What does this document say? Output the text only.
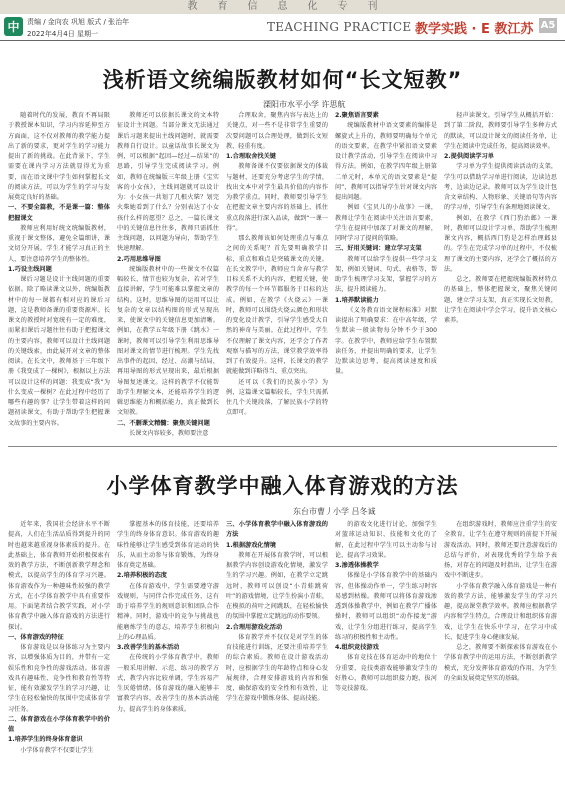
教 育 信 息 化 专 刊
中	责编 / 金向农 巩旭 版式 / 张治年
2022年4月4日 星期一	TEACHING PRACTICE 教学实践 · E 教江苏 A5
浅析语文统编版教材如何“长文短教”
溧阳市水平小学 许思航

随着时代的发展，教育不再局限于教授课本知识，学习内容延伸至方方面面，这不仅对教师的教学能力提出了新的要求，更对学生的学习能力提出了新的挑战。在此背景下，学生需要在课内学习方法就显得尤为重要，而在语文课中学生如何掌握长文的阅读方法，可以为学生的学习与发展奠定良好的基础。

一、不要全篇教，不是课一篇：整体把握课文

教师应利用好统文统编版教材，重视于课文整体，避免全篇细讲，课文切分开展。学生才能学习真正的主人，要注意培养学生的整体性。

1.巧设主线问题

课后习题是设计主线问题的重要依据。除了略读课文以外，统编版教材中的每一课都有相对应的课后习题，这是教师备课的重要资源库。长课文的教授时对宽统有一定的难度，而紧扣课后习题往往有助于把握课文的主要内容，教师可以设计主线问题的关键线索，由此展开对文章的整体阅读。在长文中，教师基于三年级下册《我变成了一棵树》，根据以上方法可以设计这样的问题：我变成“我”为什么变成一棵树？在此过程中经历了哪些有趣的事？让学生带着这样的问题初读课文，有助于帮助学生把握课文故事的主要内容。

教师还可以依据长课文的文本特征设计主问题。当部分课文无法通过课后习题来提出主线问题时，就需要教师自行设计。以童话故事长课文为例，可以根据“起因—经过—结果”的思路，引导学生完成阅读学习。例如，教师在统编版三年级上册《宝实客的小女孩》，主线问题就可以设计为：小女孩一共划了几根火柴？划完火柴她看到了什么？分别表达了小女孩什么样的愿望？总之，一篇长课文中的关键信息往往多，教师只需抓住主线问题，以问题为导向，帮助学生快速理解。

2.巧用思维导图

统编版教材中的一些课文不仅篇幅较长，情节也较为复杂，若对学生直接讲解，学生可能难以掌握文章的结构。这时，思维导图的运用可以让复杂的文章以结构图的形式呈现出来，使课文中的关键信息更加清晰。例如，在教学五年级下册《跳水》一课时，教师可以引导学生利用思维导图对课文的情节进行梳理。学生先找出事件的起因、经过、高潮与结局，再用导图的形式呈现出来，最后根据导图复述课文。这样的教学不仅能帮助学生理解文本，还能培养学生的逻辑思维能力和概括能力，真正做到长文短教。

二、不删课文精髓：聚焦关键问题

长课文内容较多，教师要注意

合理取舍，聚焦内容与表达上的关键点，对一些不是非常学生重要的次要问题可以合理处理，做到长文短教、轻重有度。

1.合理取舍找关键

教师备课不仅要依据课文的体裁与题材，还要充分考虑学生的学情，找出文本中对学生最具价值的内容作为教学重点。同时，教师要引导学生在把握文章主要内容的基础上，抓住重点段落进行深入品读，做到“一课一得”。

那么教师该如何处理重点与难点之间的关系呢？首先要明确教学目标，重点和难点是突破课文的关键。在长文教学中，教师应当舍弃与教学目标关系不大的内容，把握关键，使教学的每一个环节都服务于目标的达成。例如，在教学《火烧云》一课时，教师可以围绕火烧云颜色和形状的变化设计教学，引导学生感受大自然的神奇与美丽。在此过程中，学生不仅理解了课文内容，还学会了作者观察与描写的方法，课堂教学效率得到了有效提升。这样，长课文的教学就能做到详略得当、重点突出。

还可以《我们的民族小学》为例，这篇课文篇幅较长，学生只需抓住几个关键段落，了解民族小学的特点即可。

2.聚焦语言要素

统编版教材中语文要素的编排是螺旋式上升的，教师要明确每个单元的语文要素，在教学中紧扣语文要素设计教学活动，引导学生在阅读中习得方法。例如，在教学四年级上册第二单元时，本单元的语文要素是“提问”，教师可以指导学生针对课文内容提出问题。

例如《宝贝儿的小故事》一课，教师让学生在阅读中关注语言要素，学生在提问中加深了对课文的理解，同时学习了提问的策略。

三、好用关键词：建立学习支架

教师可以给学生提供一些学习支架，例如关键词、句式、表格等，帮助学生梳理学习支架，掌握学习的方法，提升阅读能力。

1.培养默读能力

《义务教育语文课程标准》对默读提出了明确要求：在中高年级，学生默读一般读物每分钟不少于300字。在教学中，教师应给学生布置默读任务，并提出明确的要求，让学生边默读边思考，提高阅读速度和质量。

轻声读课文。引导学生从概括开始：到了第二阶段，教师要引导学生多种方式的默读，可以设计课文的阅读任务单，让学生在阅读中完成任务，提高阅读效率。

2.提供阅读学习单

学习单为学生提供阅读活动的支架，学生可以借助学习单进行阅读，边读边思考，边读边记录。教师可以为学生设计包含文章结构、人物形象、关键语句等内容的学习单，引导学生有条理地阅读课文。

例如，在教学《西门豹治邺》一课时，教师可以设计学习单，帮助学生梳理课文内容，概括西门豹是怎样治理邺县的。学生在完成学习单的过程中，不仅梳理了课文的主要内容，还学会了概括的方法。

总之，教师要在把握统编版教材特点的基础上，整体把握课文，聚焦关键问题，建立学习支架，真正实现长文短教，让学生在阅读中学会学习，提升语文核心素养。

小学体育教学中融入体育游戏的方法
东台市曹丿小学 吕冬诚

近年来，我国社会经济水平不断提高，人们在生活品质得到提升的同时也越来越重视身体素质的提升。在此基础上，体育教师开始积极探索有效的教学方法，不断创新教学理念和模式，以提高学生的体育学习兴趣。体育游戏作为一种趣味性较强的教学方式，在小学体育教学中具有重要作用。下面笔者结合教学实践，对小学体育教学中融入体育游戏的方法进行探讨。

一、体育游戏的特征

体育游戏是以身体练习为主要内容，以增强体质为目的，并带有一定娱乐性和竞争性的游戏活动。体育游戏具有趣味性、竞争性和教育性等特征，能有效激发学生的学习兴趣，让学生在轻松愉快的氛围中完成体育学习任务。

二、体育游戏在小学体育教学中的价值
1.培养学生的终身体育意识

小学体育教学不仅要让学生

掌握基本的体育技能，还要培养学生的终身体育意识。体育游戏的趣味性能够让学生感受到体育运动的快乐，从而主动参与体育锻炼，为终身体育奠定基础。

2.培养积极的态度

在体育游戏中，学生需要遵守游戏规则，与同伴合作完成任务，这有助于培养学生的规则意识和团队合作精神。同时，游戏中的竞争与挑战也能磨炼学生的意志，培养学生积极向上的心理品质。

3.改善学生的基本活动

在传统的小学体育教学中，教师一般采用讲解、示范、练习的教学方式，教学内容比较单调，学生容易产生厌倦情绪。体育游戏的融入能够丰富教学内容，改善学生的基本活动能力，提高学生的身体素质。

三、小学体育教学中融入体育游戏的方法
1.根据游戏化情境

教师在开展体育教学时，可以根据教学内容创设游戏化情境，激发学生的学习兴趣。例如，在教学立定跳远时，教师可以创设“小青蛙跳荷叶”的游戏情境，让学生扮演小青蛙，在模拟的荷叶之间跳跃，在轻松愉快的氛围中掌握立定跳远的动作要领。

2.合理用游戏化活动

体育教学并不仅仅是对学生的体育技能进行训练，还要注重培养学生的综合素质。教师在设计游戏活动时，应根据学生的年龄特点和身心发展规律，合理安排游戏的内容和强度，确保游戏的安全性和有效性，让学生在游戏中锻炼身体、提高技能。

的游戏文化进行讨论，加强学生对篮球运动知识、技能和文化的了解，在此过程中学生可以主动参与讨论，提高学习效果。

3.渗透体操教学

体操是小学体育教学中的基础内容，但体操动作单一，学生练习时容易感到枯燥。教师可以将体育游戏渗透到体操教学中，例如在教学广播体操时，教师可以组织“动作接龙”游戏，让学生分组进行练习，提高学生练习的积极性和主动性。

4.组织竞技游戏

体育竞技在体育运动中的地位十分重要，竞技类游戏能够激发学生的好胜心，教师可以组织接力跑、拔河等竞技游戏。

在组织游戏时，教师应注重学生的安全教育，让学生在遵守规则的前提下开展游戏活动。同时，教师还要注意游戏后的总结与评价，对表现优秀的学生给予表扬，对存在的问题及时指出，让学生在游戏中不断进步。

小学体育教学融入体育游戏是一种有效的教学方法，能够激发学生的学习兴趣，提高课堂教学效率。教师应根据教学内容和学生特点，合理设计和组织体育游戏，让学生在快乐中学习，在学习中成长，促进学生身心健康发展。

总之，教师要不断探索体育游戏在小学体育教学中的运用方法，不断创新教学模式，充分发挥体育游戏的作用，为学生的全面发展奠定坚实的基础。
